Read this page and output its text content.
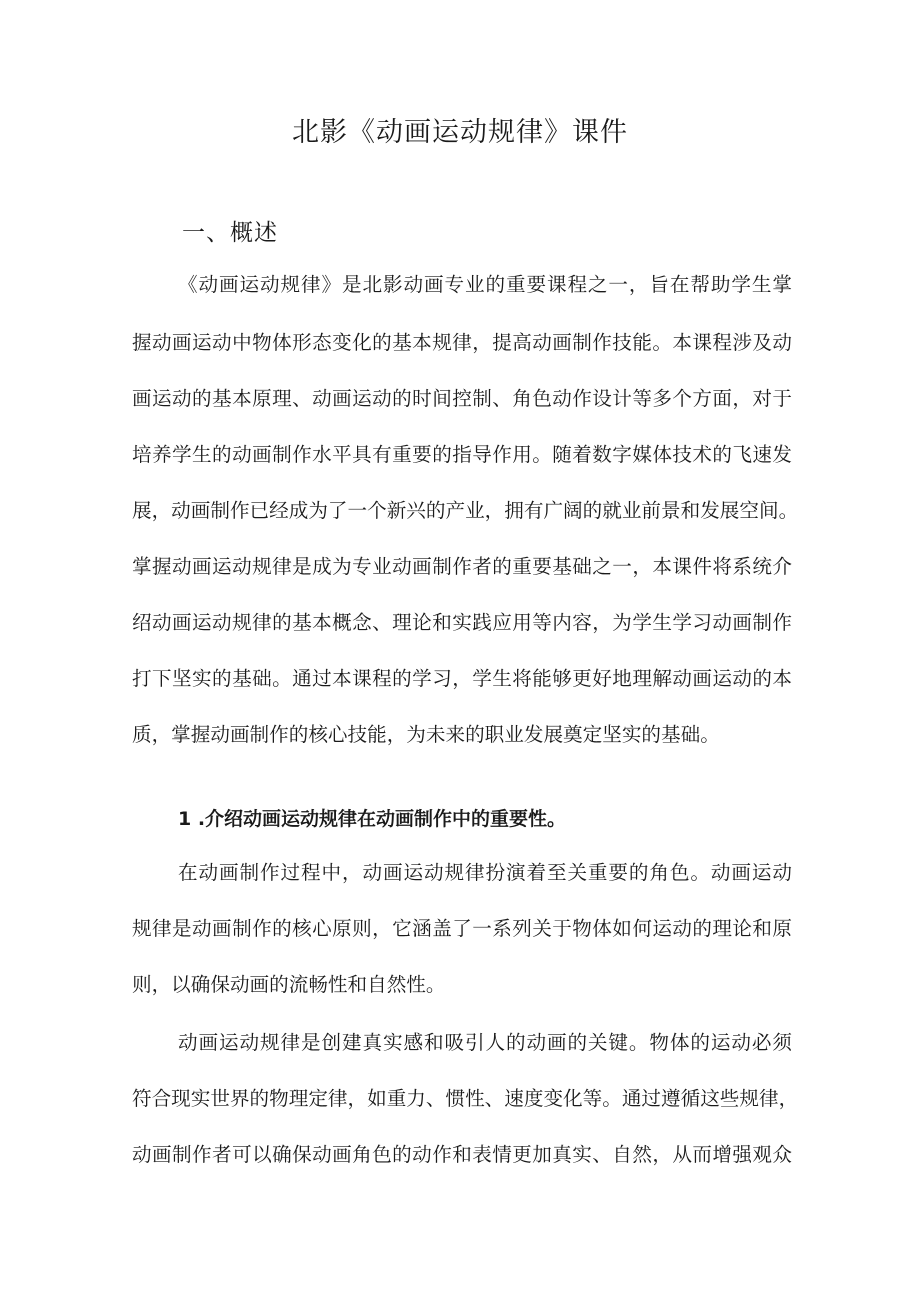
北影《动画运动规律》课件
一、概述
《动画运动规律》是北影动画专业的重要课程之一，旨在帮助学生掌
握动画运动中物体形态变化的基本规律，提高动画制作技能。本课程涉及动
画运动的基本原理、动画运动的时间控制、角色动作设计等多个方面，对于
培养学生的动画制作水平具有重要的指导作用。随着数字媒体技术的飞速发
展，动画制作已经成为了一个新兴的产业，拥有广阔的就业前景和发展空间。
掌握动画运动规律是成为专业动画制作者的重要基础之一，本课件将系统介
绍动画运动规律的基本概念、理论和实践应用等内容，为学生学习动画制作
打下坚实的基础。通过本课程的学习，学生将能够更好地理解动画运动的本
质，掌握动画制作的核心技能，为未来的职业发展奠定坚实的基础。
1 .介绍动画运动规律在动画制作中的重要性。
在动画制作过程中，动画运动规律扮演着至关重要的角色。动画运动
规律是动画制作的核心原则，它涵盖了一系列关于物体如何运动的理论和原
则，以确保动画的流畅性和自然性。
动画运动规律是创建真实感和吸引人的动画的关键。物体的运动必须
符合现实世界的物理定律，如重力、惯性、速度变化等。通过遵循这些规律，
动画制作者可以确保动画角色的动作和表情更加真实、自然，从而增强观众
